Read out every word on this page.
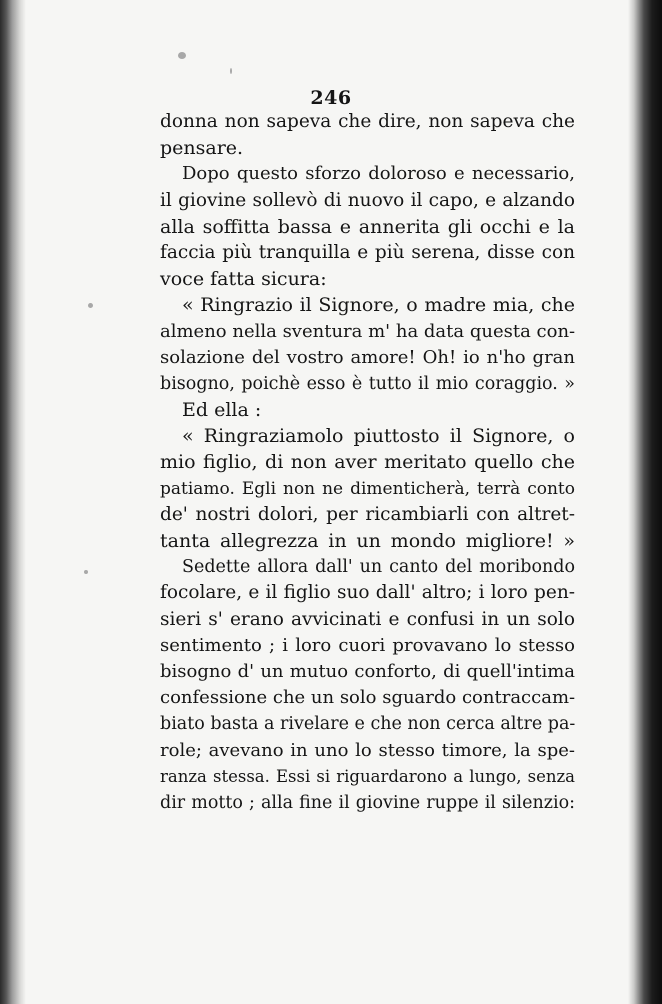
246
donna non sapeva che dire, non sapeva che
pensare.
Dopo questo sforzo doloroso e necessario,
il giovine sollevò di nuovo il capo, e alzando
alla soffitta bassa e annerita gli occhi e la
faccia più tranquilla e più serena, disse con
voce fatta sicura:
« Ringrazio il Signore, o madre mia, che
almeno nella sventura m' ha data questa con-
solazione del vostro amore! Oh! io n'ho gran
bisogno, poichè esso è tutto il mio coraggio. »
Ed ella :
« Ringraziamolo piuttosto il Signore, o
mio figlio, di non aver meritato quello che
patiamo. Egli non ne dimenticherà, terrà conto
de' nostri dolori, per ricambiarli con altret-
tanta allegrezza in un mondo migliore! »
Sedette allora dall' un canto del moribondo
focolare, e il figlio suo dall' altro; i loro pen-
sieri s' erano avvicinati e confusi in un solo
sentimento ; i loro cuori provavano lo stesso
bisogno d' un mutuo conforto, di quell'intima
confessione che un solo sguardo contraccam-
biato basta a rivelare e che non cerca altre pa-
role; avevano in uno lo stesso timore, la spe-
ranza stessa. Essi si riguardarono a lungo, senza
dir motto ; alla fine il giovine ruppe il silenzio:
